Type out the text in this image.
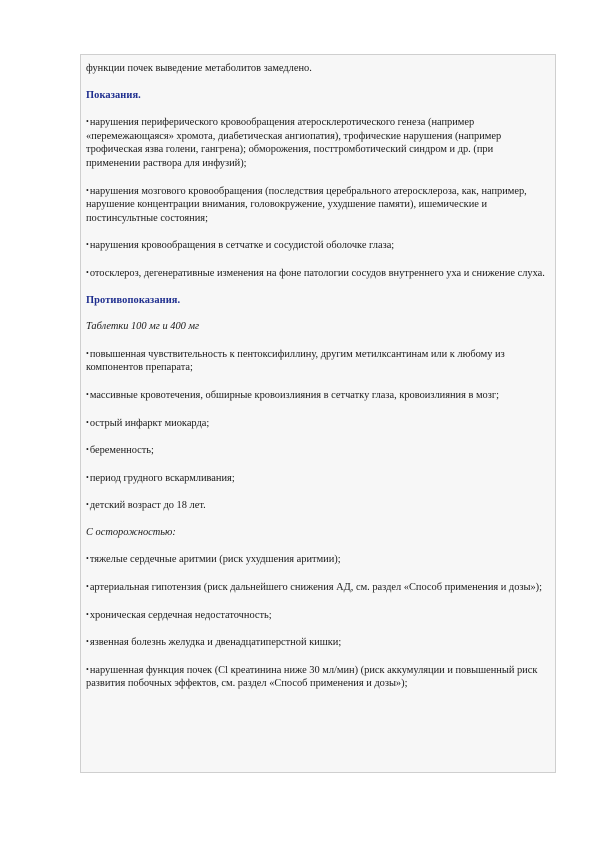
функции почек выведение метаболитов замедлено.
Показания.
•нарушения периферического кровообращения атеросклеротического генеза (например «перемежающаяся» хромота, диабетическая ангиопатия), трофические нарушения (например трофическая язва голени, гангрена); обморожения, посттромботический синдром и др. (при применении раствора для инфузий);
•нарушения мозгового кровообращения (последствия церебрального атеросклероза, как, например, нарушение концентрации внимания, головокружение, ухудшение памяти), ишемические и постинсультные состояния;
•нарушения кровообращения в сетчатке и сосудистой оболочке глаза;
•отосклероз, дегенеративные изменения на фоне патологии сосудов внутреннего уха и снижение слуха.
Противопоказания.
Таблетки 100 мг и 400 мг
•повышенная чувствительность к пентоксифиллину, другим метилксантинам или к любому из компонентов препарата;
•массивные кровотечения, обширные кровоизлияния в сетчатку глаза, кровоизлияния в мозг;
•острый инфаркт миокарда;
•беременность;
•период грудного вскармливания;
•детский возраст до 18 лет.
С осторожностью:
•тяжелые сердечные аритмии (риск ухудшения аритмии);
•артериальная гипотензия (риск дальнейшего снижения АД, см. раздел «Способ применения и дозы»);
•хроническая сердечная недостаточность;
•язвенная болезнь желудка и двенадцатиперстной кишки;
•нарушенная функция почек (Cl креатинина ниже 30 мл/мин) (риск аккумуляции и повышенный риск развития побочных эффектов, см. раздел «Способ применения и дозы»);
